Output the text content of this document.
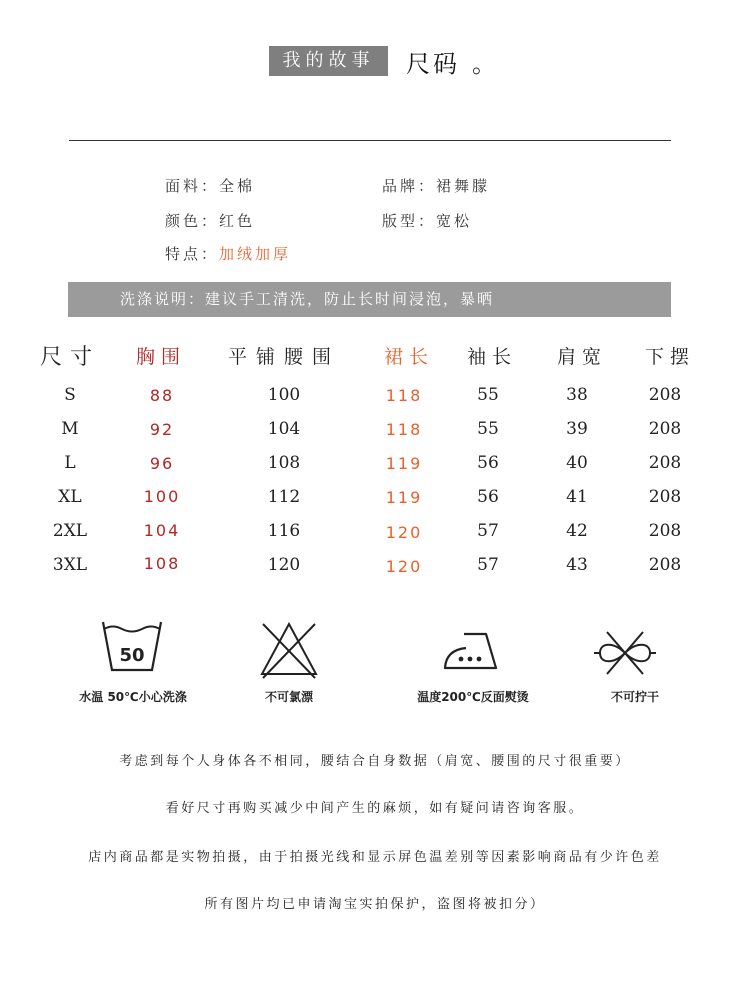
我的故事	尺码 。
面料：全棉	品牌：裙舞朦
颜色：红色	版型：宽松
特点：加绒加厚
洗涤说明：建议手工清洗，防止长时间浸泡，暴晒
尺寸 胸围 平铺腰围 裙长 袖长 肩宽 下摆
S	88	100	118	55	38	208
M	92	104	118	55	39	208
L	96	108	119	56	40	208
XL	100	112	119	56	41	208
2XL	104	116	120	57	42	208
3XL	108	120	120	57	43	208
50
水温 50℃小心洗涤	不可氯漂	温度200℃反面熨烫	不可拧干
考虑到每个人身体各不相同，腰结合自身数据（肩宽、腰围的尺寸很重要）
看好尺寸再购买减少中间产生的麻烦，如有疑问请咨询客服。
店内商品都是实物拍摄，由于拍摄光线和显示屏色温差别等因素影响商品有少许色差
所有图片均已申请淘宝实拍保护，盗图将被扣分）
